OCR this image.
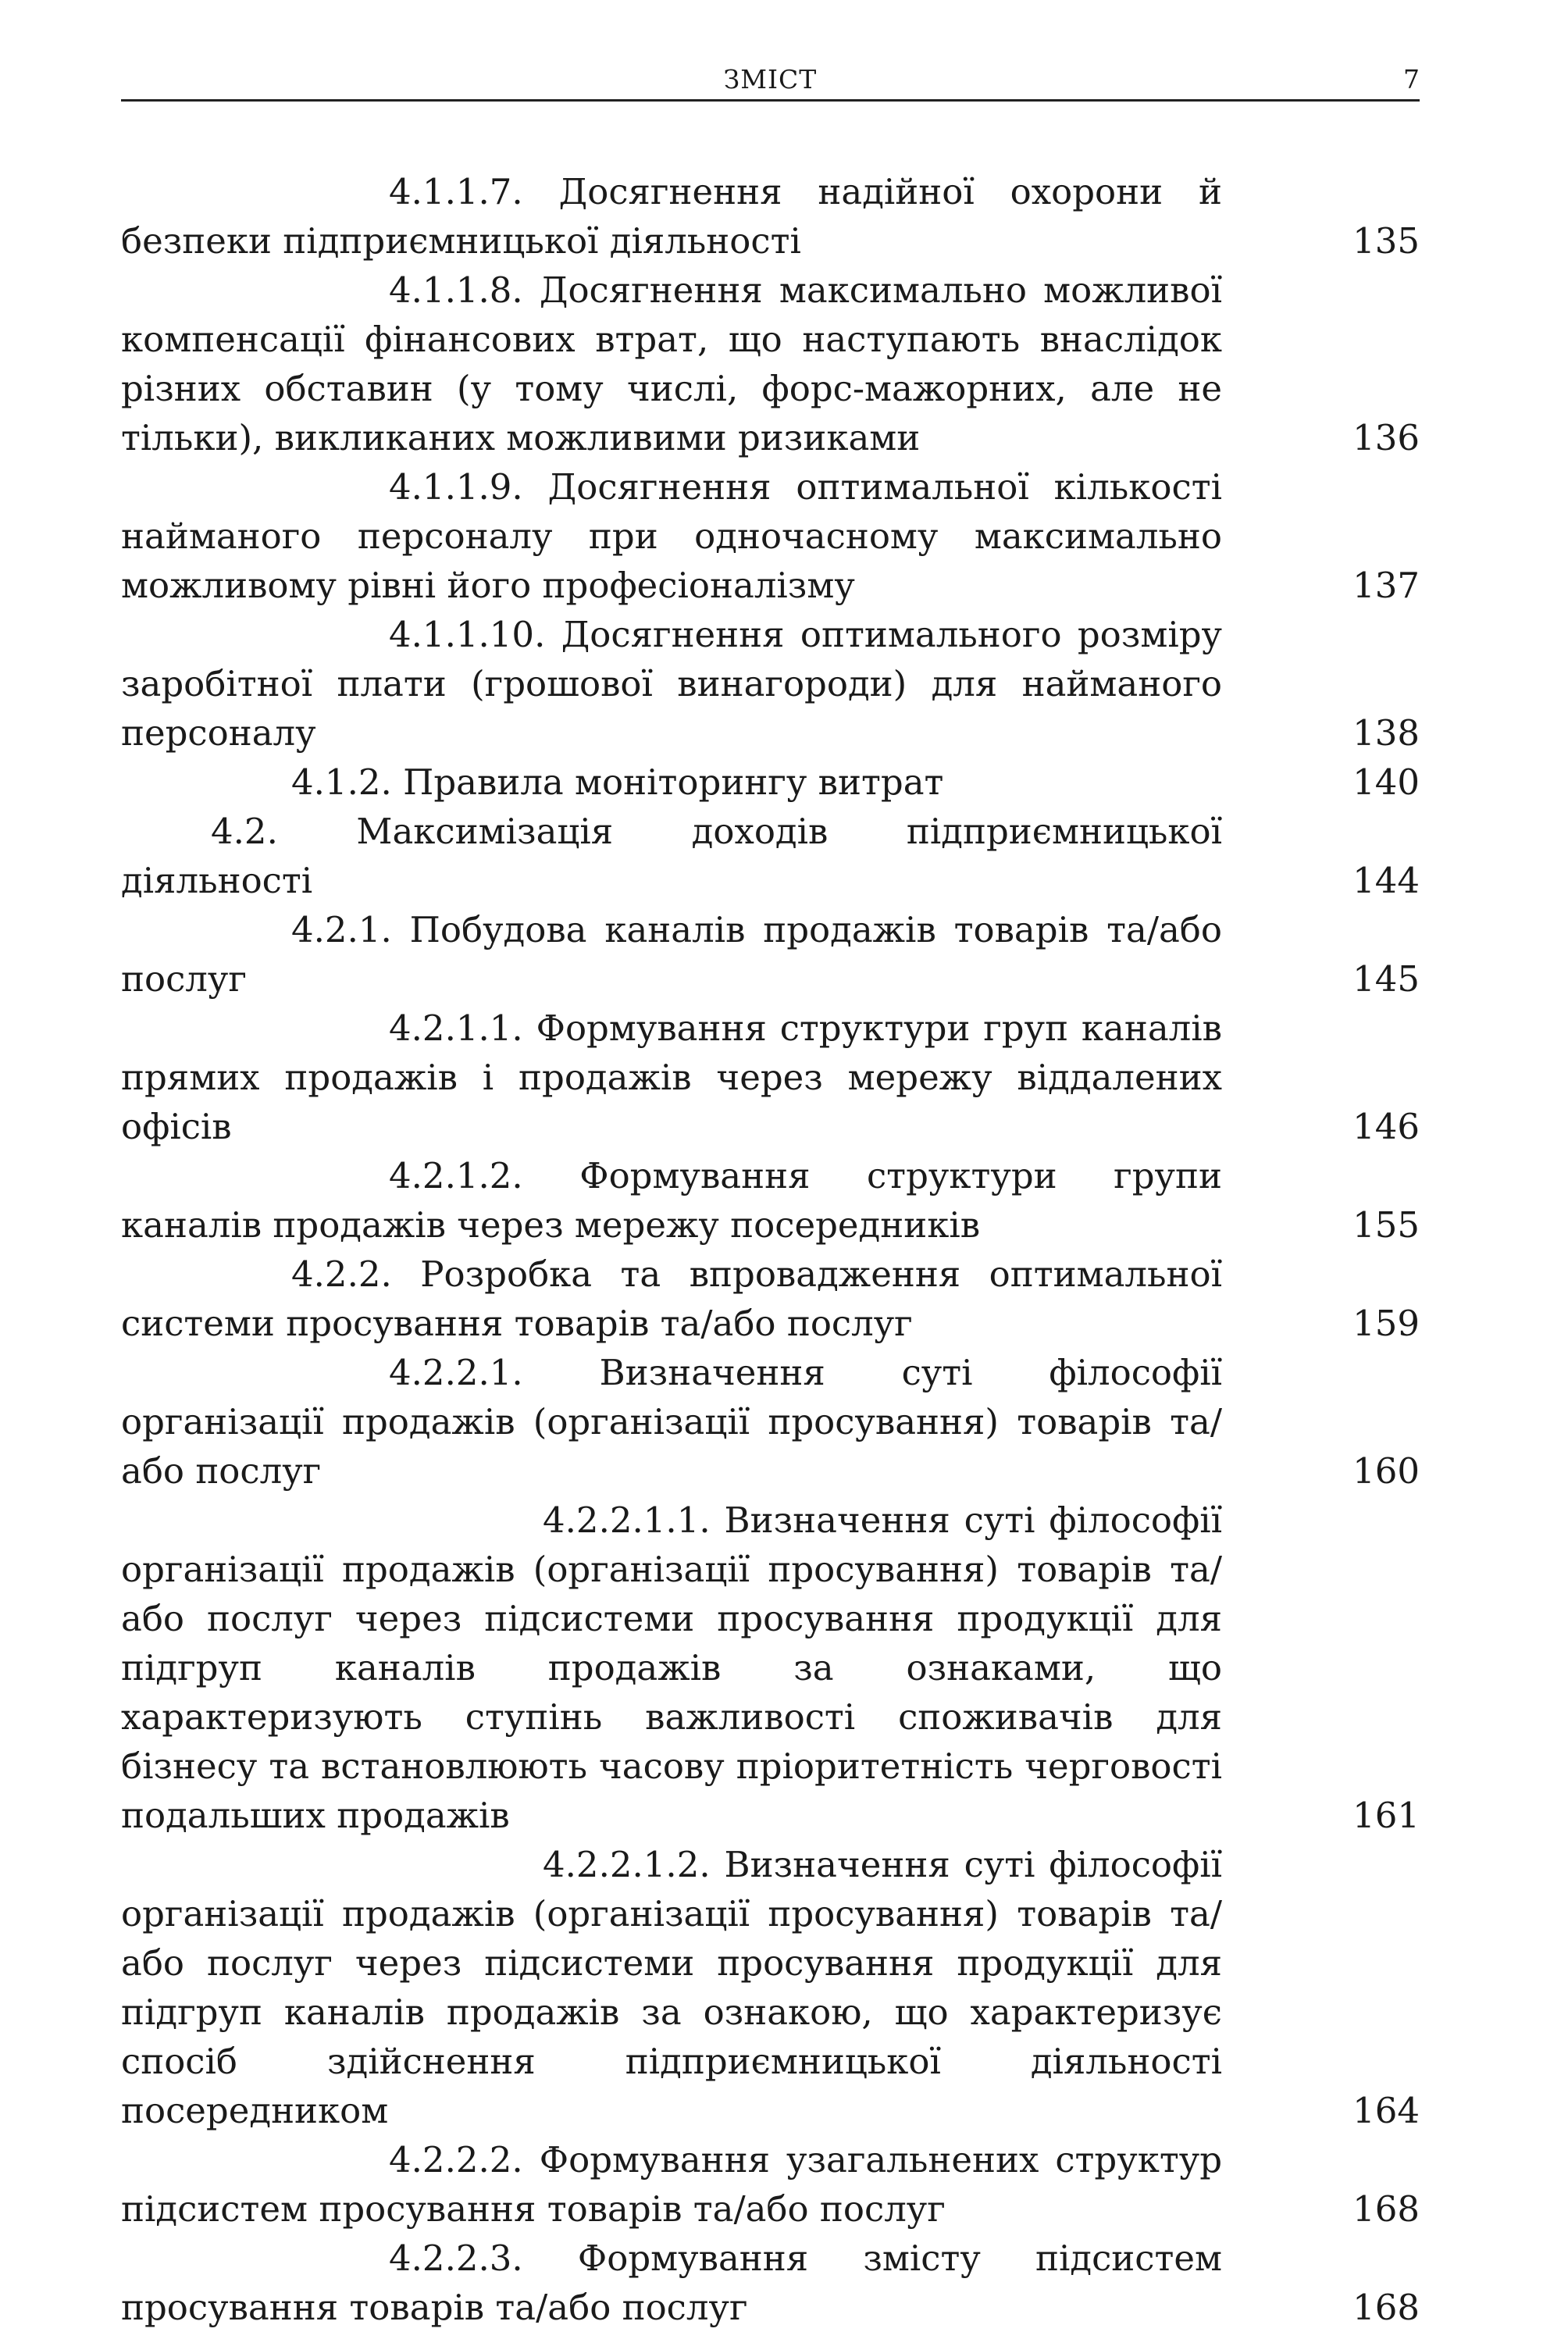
ЗМІСТ	7
4.1.1.7. Досягнення надійної охорони й безпеки підприємницької діяльності	135
4.1.1.8. Досягнення максимально можливої компенсації фінансових втрат, що наступають внаслідок різних обставин (у тому числі, форс-мажорних, але не тільки), викликаних можливими ризиками	136
4.1.1.9. Досягнення оптимальної кількості найманого персоналу при одночасному максимально можливому рівні його професіоналізму	137
4.1.1.10. Досягнення оптимального розміру заробітної плати (грошової винагороди) для найманого персоналу	138
4.1.2. Правила моніторингу витрат	140
4.2. Максимізація доходів підприємницької діяльності	144
4.2.1. Побудова каналів продажів товарів та/або послуг	145
4.2.1.1. Формування структури груп каналів прямих продажів і продажів через мережу віддалених офісів	146
4.2.1.2. Формування структури групи каналів продажів через мережу посередників	155
4.2.2. Розробка та впровадження оптимальної системи просування товарів та/або послуг	159
4.2.2.1. Визначення суті філософії організації продажів (організації просування) товарів та/або послуг	160
4.2.2.1.1. Визначення суті філософії організації продажів (організації просування) товарів та/або послуг через підсистеми просування продукції для підгруп каналів продажів за ознаками, що характеризують ступінь важливості споживачів для бізнесу та встановлюють часову пріоритетність черговості подальших продажів	161
4.2.2.1.2. Визначення суті філософії організації продажів (організації просування) товарів та/або послуг через підсистеми просування продукції для підгруп каналів продажів за ознакою, що характеризує спосіб здійснення підприємницької діяльності посередником	164
4.2.2.2. Формування узагальнених структур підсистем просування товарів та/або послуг	168
4.2.2.3. Формування змісту підсистем просування товарів та/або послуг	168
